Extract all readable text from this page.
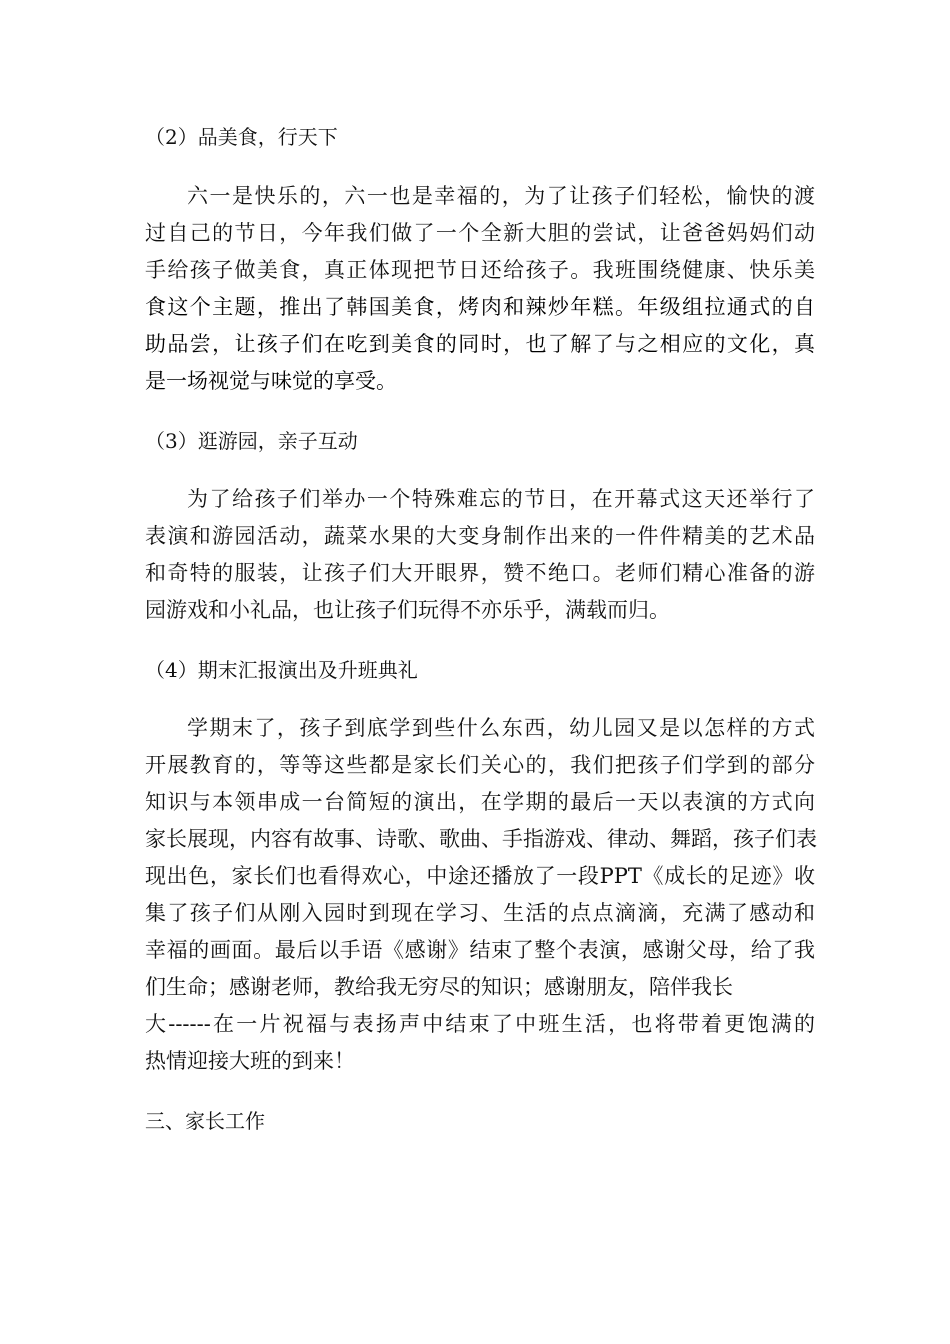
（2）品美食，行天下
六一是快乐的，六一也是幸福的，为了让孩子们轻松，愉快的渡
过自己的节日，今年我们做了一个全新大胆的尝试，让爸爸妈妈们动
手给孩子做美食，真正体现把节日还给孩子。我班围绕健康、快乐美
食这个主题，推出了韩国美食，烤肉和辣炒年糕。年级组拉通式的自
助品尝，让孩子们在吃到美食的同时，也了解了与之相应的文化，真
是一场视觉与味觉的享受。
（3）逛游园，亲子互动
为了给孩子们举办一个特殊难忘的节日，在开幕式这天还举行了
表演和游园活动，蔬菜水果的大变身制作出来的一件件精美的艺术品
和奇特的服装，让孩子们大开眼界，赞不绝口。老师们精心准备的游
园游戏和小礼品，也让孩子们玩得不亦乐乎，满载而归。
（4）期末汇报演出及升班典礼
学期末了，孩子到底学到些什么东西，幼儿园又是以怎样的方式
开展教育的，等等这些都是家长们关心的，我们把孩子们学到的部分
知识与本领串成一台简短的演出，在学期的最后一天以表演的方式向
家长展现，内容有故事、诗歌、歌曲、手指游戏、律动、舞蹈，孩子们表
现出色，家长们也看得欢心，中途还播放了一段PPT《成长的足迹》收
集了孩子们从刚入园时到现在学习、生活的点点滴滴，充满了感动和
幸福的画面。最后以手语《感谢》结束了整个表演，感谢父母，给了我
们生命；感谢老师，教给我无穷尽的知识；感谢朋友，陪伴我长
大------在一片祝福与表扬声中结束了中班生活，也将带着更饱满的
热情迎接大班的到来！
三、家长工作
